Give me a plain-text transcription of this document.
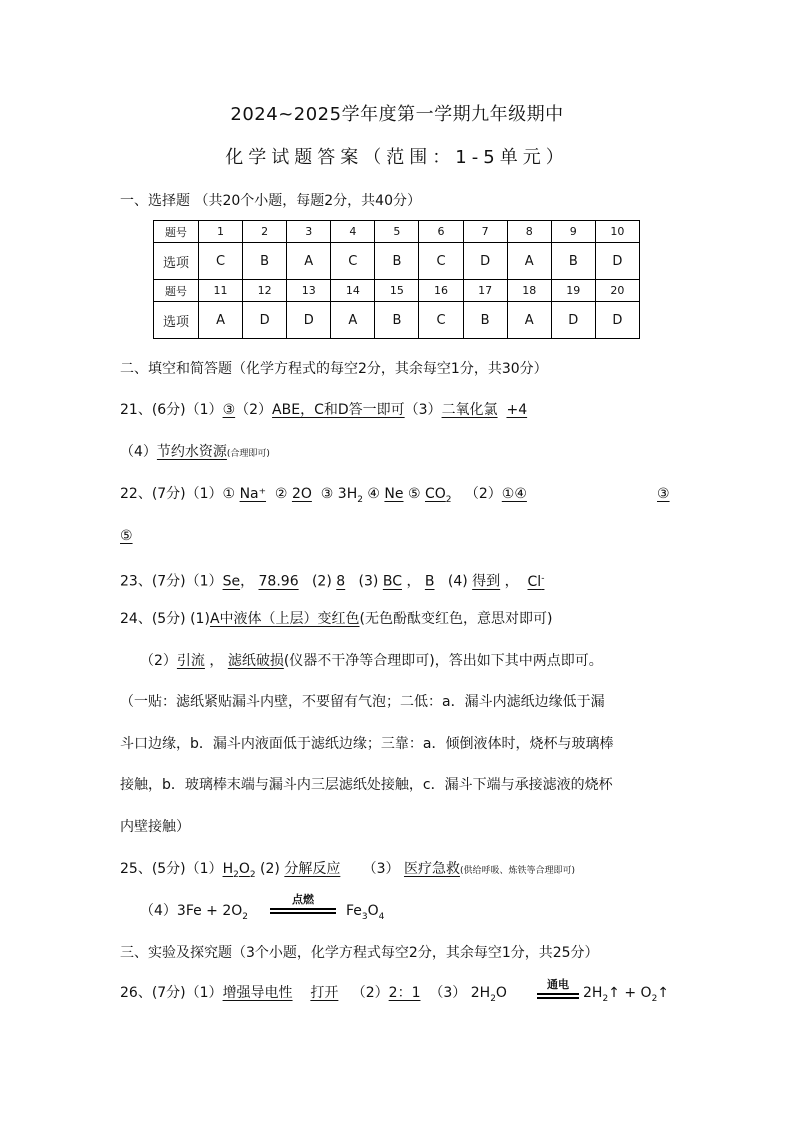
2024~2025学年度第一学期九年级期中
化学试题答案（范围：1-5单元）
一、选择题 （共20个小题，每题2分，共40分）
题号	1	2	3	4	5	6	7	8	9	10
选项	C	B	A	C	B	C	D	A	B	D
题号	11	12	13	14	15	16	17	18	19	20
选项	A	D	D	A	B	C	B	A	D	D
二、填空和简答题（化学方程式的每空2分，其余每空1分，共30分）
21、(6分)（1）③（2）ABE，C和D答一即可（3）二氧化氯 +4
（4）节约水资源(合理即可)
22、(7分)（1）① Na⁺ ② 2O ③ $3H_2$ ④ Ne ⑤ $CO_2$ （2）①④	③
⑤
23、(7分)（1）Se， 78.96 (2) 8 (3) BC ， B (4) 得到 ， Cl-
24、(5分) (1)A中液体（上层）变红色(无色酚酞变红色，意思对即可)
（2）引流 ， 滤纸破损(仪器不干净等合理即可)，答出如下其中两点即可。
（一贴：滤纸紧贴漏斗内壁，不要留有气泡；二低：a．漏斗内滤纸边缘低于漏
斗口边缘，b．漏斗内液面低于滤纸边缘；三靠：a．倾倒液体时，烧杯与玻璃棒
接触，b．玻璃棒末端与漏斗内三层滤纸处接触，c．漏斗下端与承接滤液的烧杯
内壁接触）
25、(5分)$(1)H_2O_2$ (2) 分解反应 （3） 医疗急救(供给呼吸、炼铁等合理即可)
$(4)3Fe + 2O_2$
点燃
$Fe_3O_4$
三、实验及探究题（3个小题，化学方程式每空2分，其余每空1分，共25分）
26、(7分)（1）增强导电性 打开 （2）2：1 （3） $2H_2O$
通电
$2H_2↑$ + $O_2↑$
